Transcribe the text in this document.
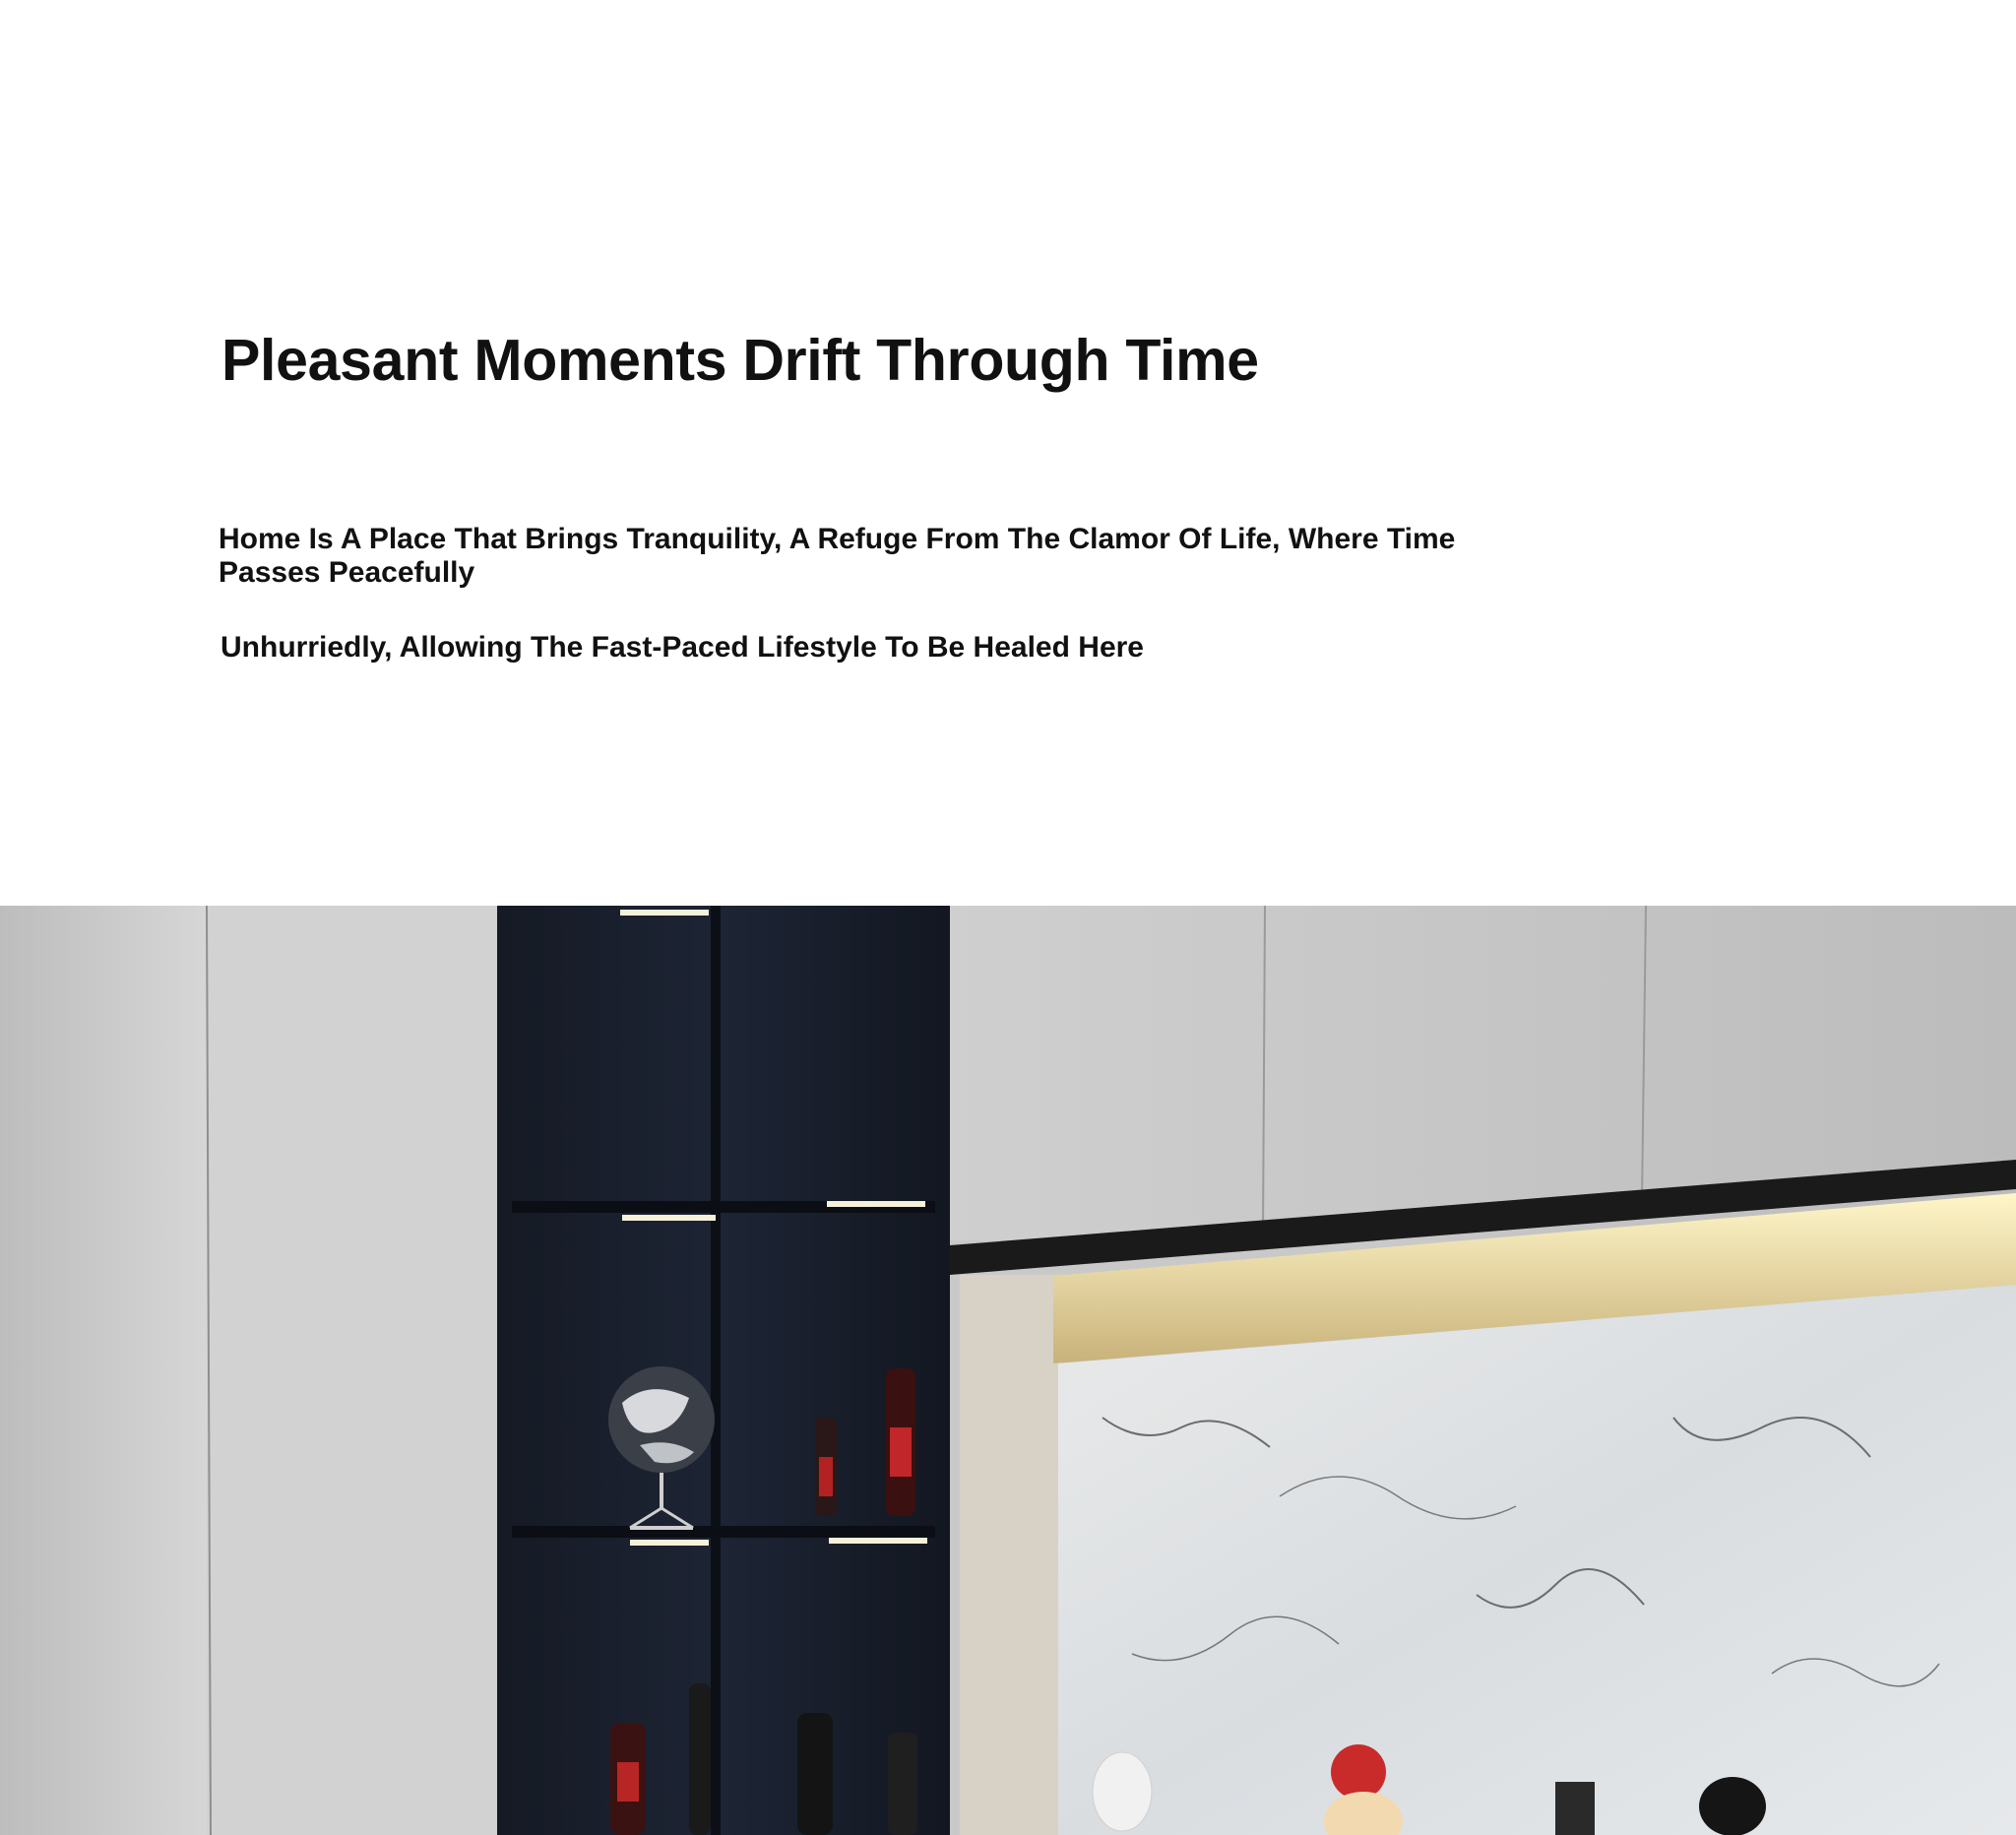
Pleasant Moments Drift Through Time

Home Is A Place That Brings Tranquility, A Refuge From The Clamor Of Life, Where Time Passes Peacefully

Unhurriedly, Allowing The Fast-Paced Lifestyle To Be Healed Here
